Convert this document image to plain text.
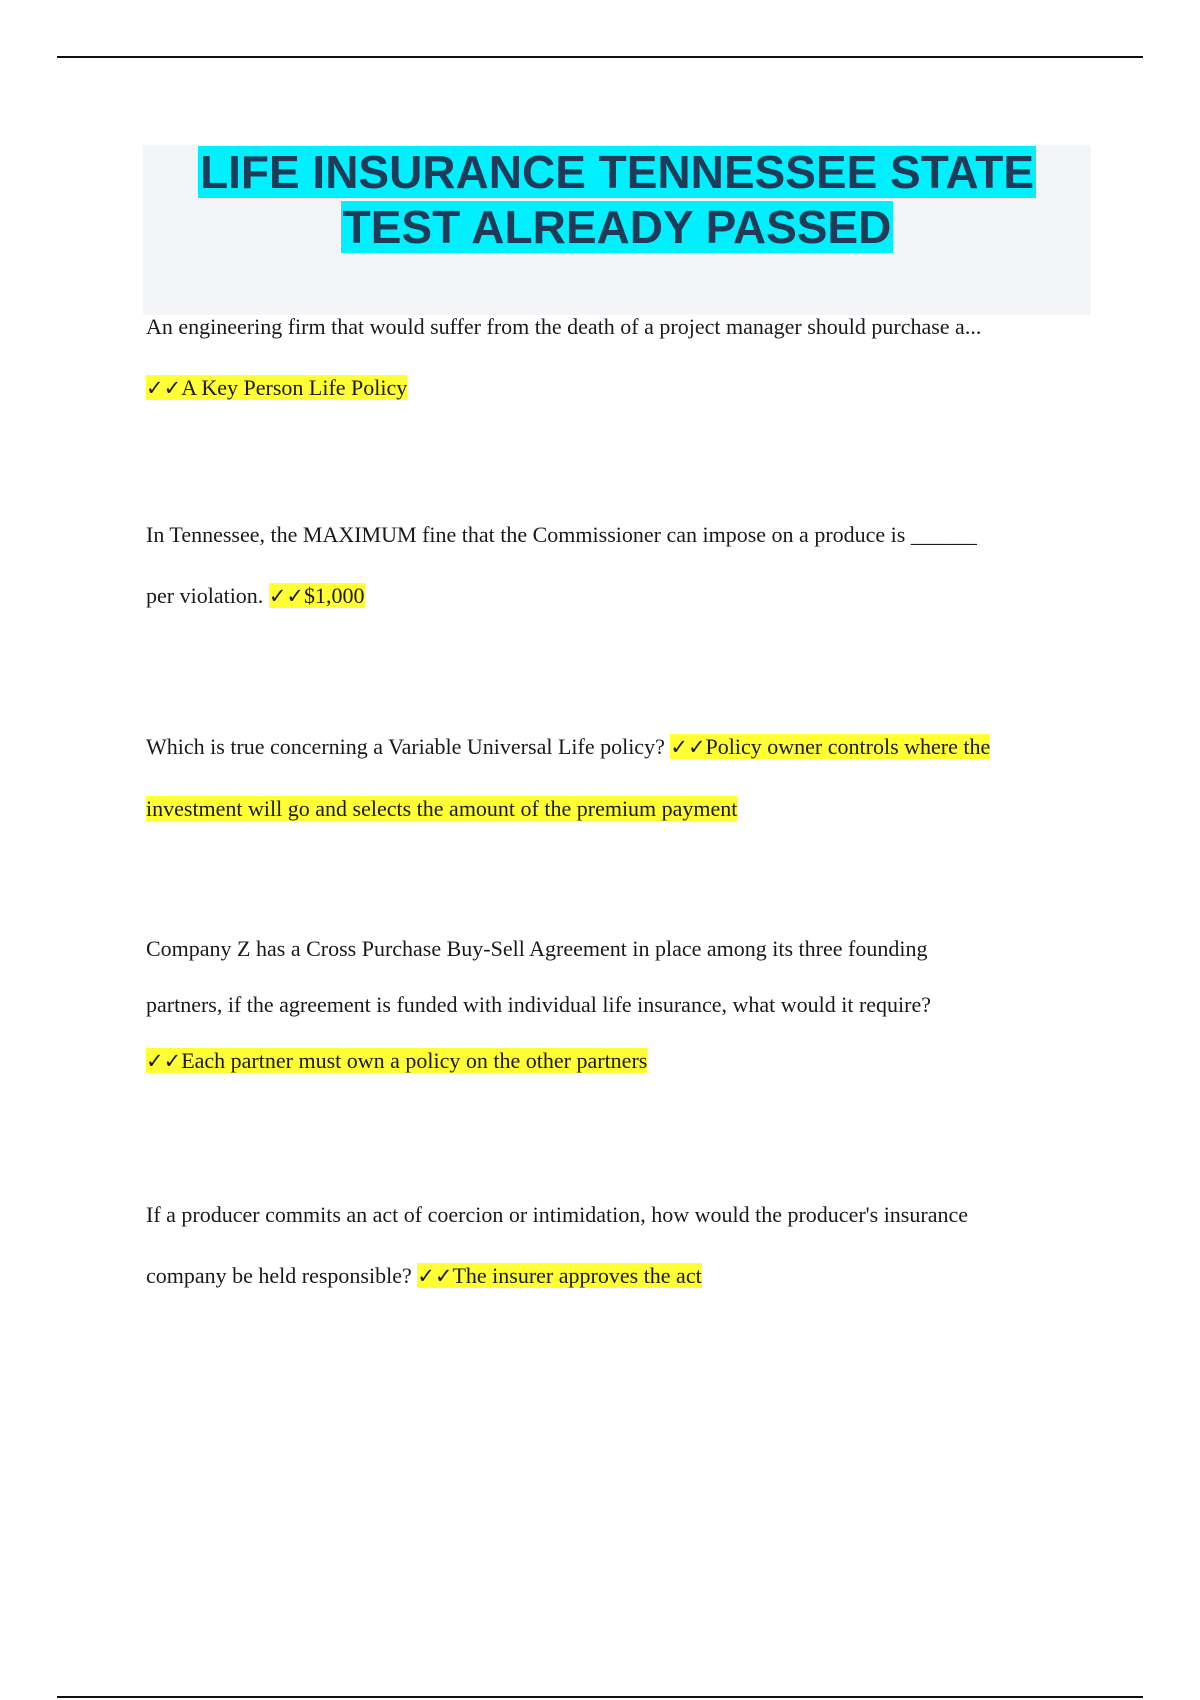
LIFE INSURANCE TENNESSEE STATE
TEST ALREADY PASSED
An engineering firm that would suffer from the death of a project manager should purchase a...
✓✓A Key Person Life Policy
In Tennessee, the MAXIMUM fine that the Commissioner can impose on a produce is ______
per violation. ✓✓$1,000
Which is true concerning a Variable Universal Life policy? ✓✓Policy owner controls where the investment will go and selects the amount of the premium payment
Company Z has a Cross Purchase Buy-Sell Agreement in place among its three founding
partners, if the agreement is funded with individual life insurance, what would it require?
✓✓Each partner must own a policy on the other partners
If a producer commits an act of coercion or intimidation, how would the producer's insurance
company be held responsible? ✓✓The insurer approves the act
